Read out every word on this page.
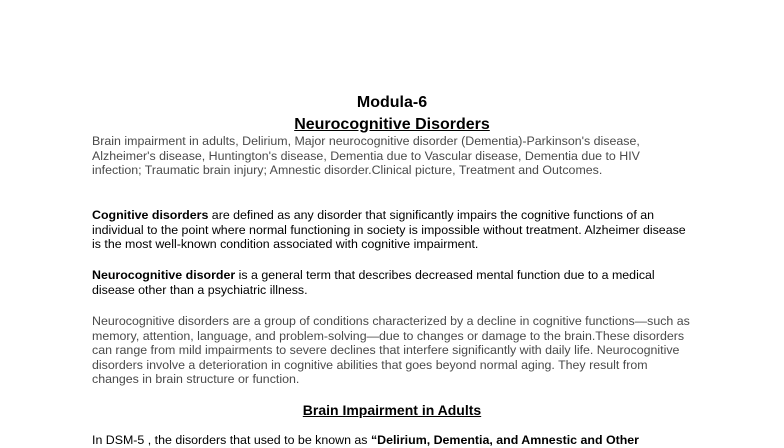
Modula-6
Neurocognitive Disorders

Brain impairment in adults, Delirium, Major neurocognitive disorder (Dementia)-Parkinson's disease, Alzheimer's disease, Huntington's disease, Dementia due to Vascular disease, Dementia due to HIV infection; Traumatic brain injury; Amnestic disorder.Clinical picture, Treatment and Outcomes.

Cognitive disorders are defined as any disorder that significantly impairs the cognitive functions of an individual to the point where normal functioning in society is impossible without treatment. Alzheimer disease is the most well-known condition associated with cognitive impairment.

Neurocognitive disorder is a general term that describes decreased mental function due to a medical disease other than a psychiatric illness.

Neurocognitive disorders are a group of conditions characterized by a decline in cognitive functions—such as memory, attention, language, and problem-solving—due to changes or damage to the brain.These disorders can range from mild impairments to severe declines that interfere significantly with daily life. Neurocognitive disorders involve a deterioration in cognitive abilities that goes beyond normal aging. They result from changes in brain structure or function.

Brain Impairment in Adults

In DSM-5 , the disorders that used to be known as “Delirium, Dementia, and Amnestic and Other
